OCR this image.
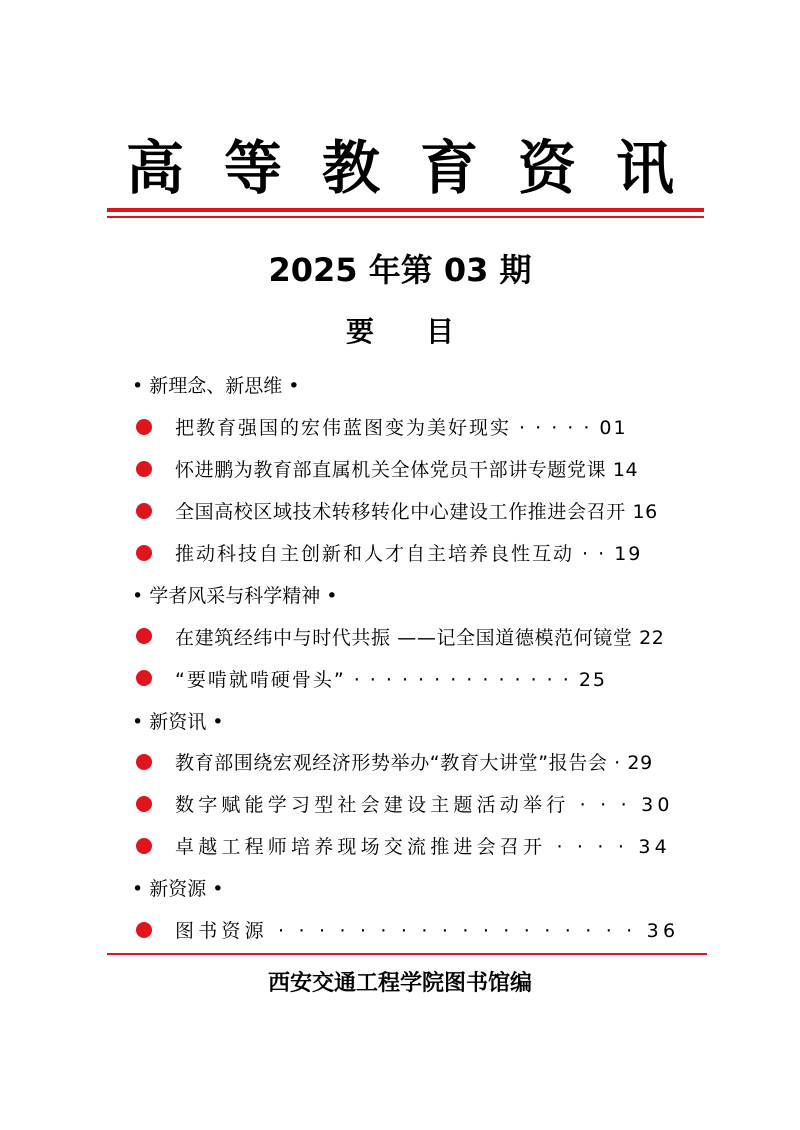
高等教育资讯
2025 年第 03 期
要 目
• 新理念、新思维 •
把教育强国的宏伟蓝图变为美好现实 · · · · · 01
怀进鹏为教育部直属机关全体党员干部讲专题党课 14
全国高校区域技术转移转化中心建设工作推进会召开 16
推动科技自主创新和人才自主培养良性互动 · · 19
• 学者风采与科学精神 •
在建筑经纬中与时代共振 ——记全国道德模范何镜堂 22
“要啃就啃硬骨头” · · · · · · · · · · · · · · 25
• 新资讯 •
教育部围绕宏观经济形势举办“教育大讲堂”报告会 · 29
数字赋能学习型社会建设主题活动举行 · · · 30
卓越工程师培养现场交流推进会召开 · · · · 34
• 新资源 •
图书资源 · · · · · · · · · · · · · · · · · · 36
西安交通工程学院图书馆编
